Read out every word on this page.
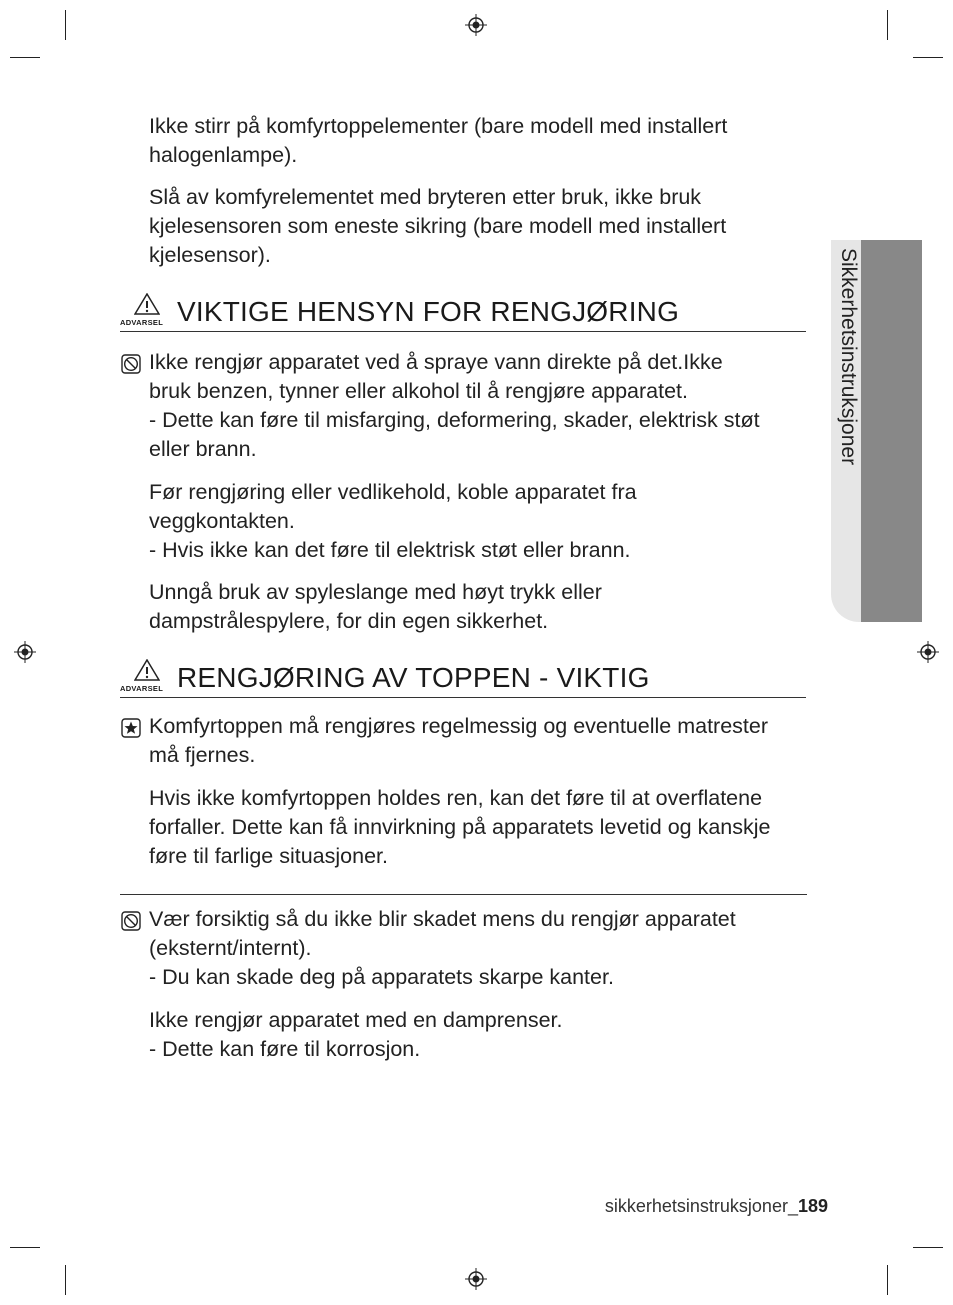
Sikkerhetsinstruksjoner
Ikke stirr på komfyrtoppelementer (bare modell med installert
halogenlampe).
Slå av komfyrelementet med bryteren etter bruk, ikke bruk
kjelesensoren som eneste sikring (bare modell med installert
kjelesensor).
ADVARSEL VIKTIGE HENSYN FOR RENGJØRING
Ikke rengjør apparatet ved å spraye vann direkte på det.Ikke
bruk benzen, tynner eller alkohol til å rengjøre apparatet.
- Dette kan føre til misfarging, deformering, skader, elektrisk støt
eller brann.
Før rengjøring eller vedlikehold, koble apparatet fra
veggkontakten.
- Hvis ikke kan det føre til elektrisk støt eller brann.
Unngå bruk av spyleslange med høyt trykk eller
dampstrålespylere, for din egen sikkerhet.
ADVARSEL RENGJØRING AV TOPPEN - VIKTIG
Komfyrtoppen må rengjøres regelmessig og eventuelle matrester
må fjernes.
Hvis ikke komfyrtoppen holdes ren, kan det føre til at overflatene
forfaller. Dette kan få innvirkning på apparatets levetid og kanskje
føre til farlige situasjoner.
Vær forsiktig så du ikke blir skadet mens du rengjør apparatet
(eksternt/internt).
- Du kan skade deg på apparatets skarpe kanter.
Ikke rengjør apparatet med en damprenser.
- Dette kan føre til korrosjon.
sikkerhetsinstruksjoner_189
